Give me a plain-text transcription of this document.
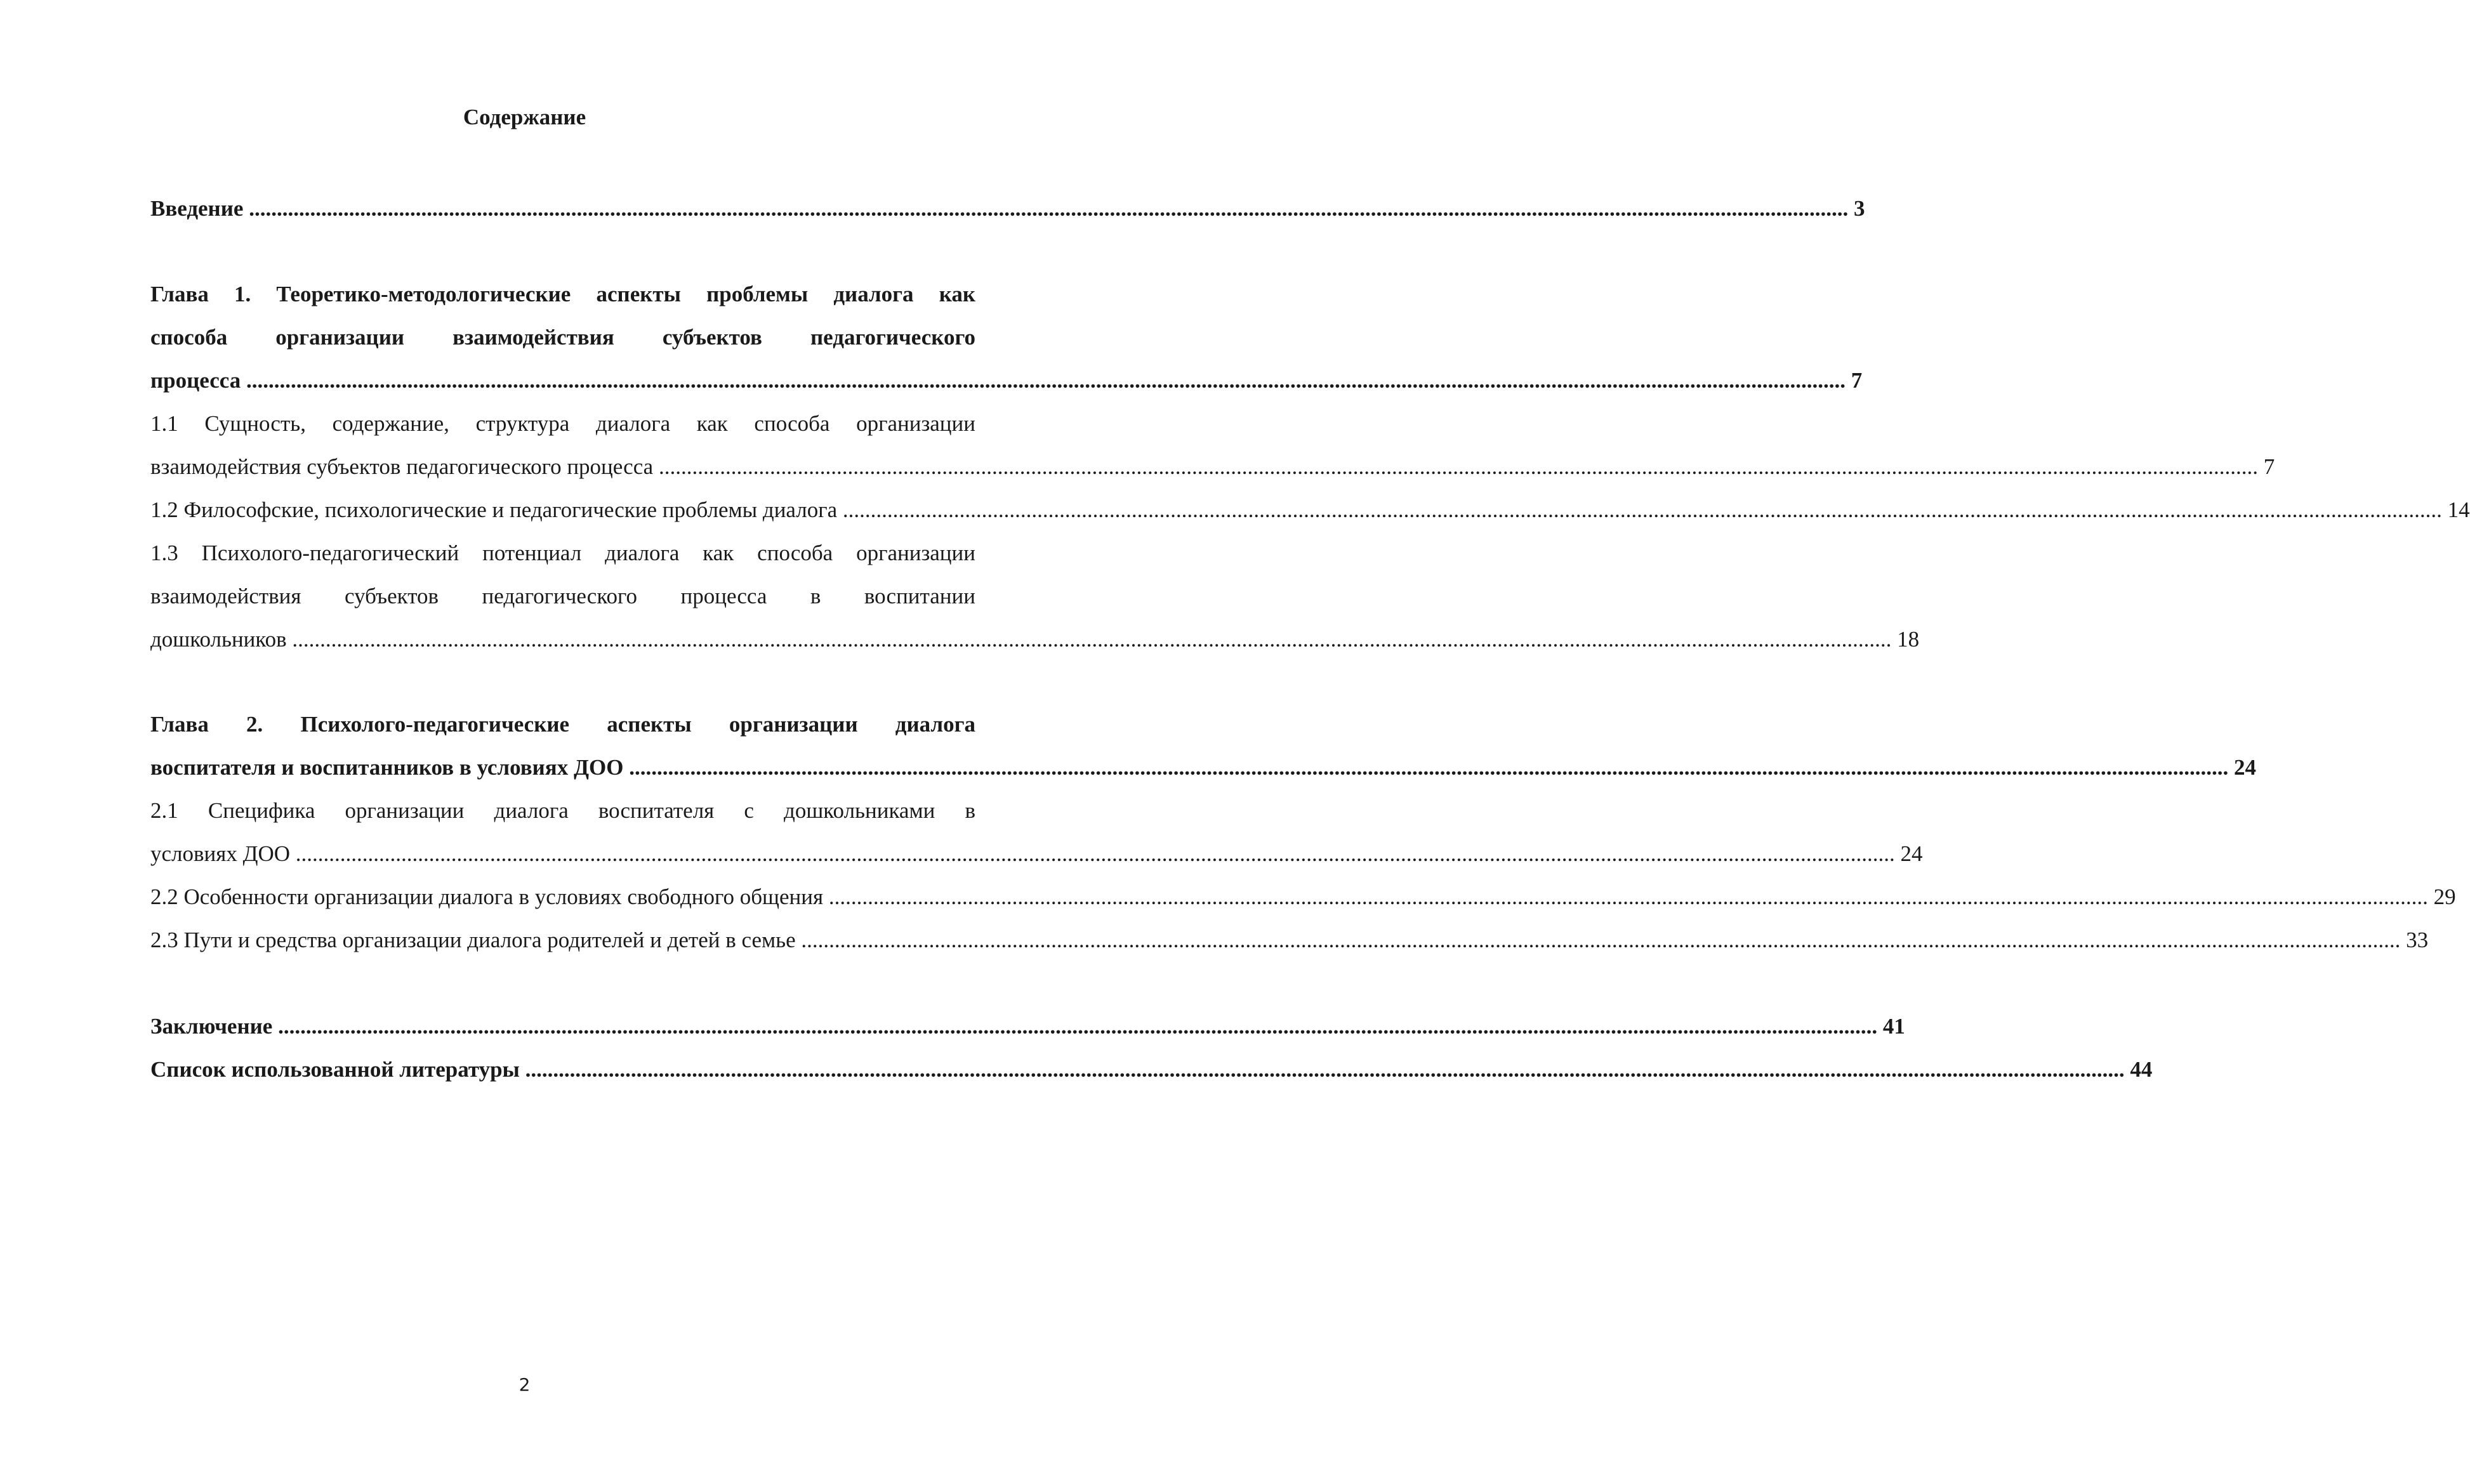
Содержание
Введение .....	3
Глава 1. Теоретико-методологические аспекты проблемы диалога как
способа организации взаимодействия субъектов педагогического
процесса .....	7
1.1 Сущность, содержание, структура диалога как способа организации
взаимодействия субъектов педагогического процесса .....	7
1.2 Философские, психологические и педагогические проблемы диалога .....	14
1.3 Психолого-педагогический потенциал диалога как способа организации
взаимодействия субъектов педагогического процесса в воспитании
дошкольников .....	18
Глава 2. Психолого-педагогические аспекты организации диалога
воспитателя и воспитанников в условиях ДОО .....	24
2.1 Специфика организации диалога воспитателя с дошкольниками в
условиях ДОО .....	24
2.2 Особенности организации диалога в условиях свободного общения .....	29
2.3 Пути и средства организации диалога родителей и детей в семье .....	33
Заключение .....	41
Список использованной литературы .....	44
2
